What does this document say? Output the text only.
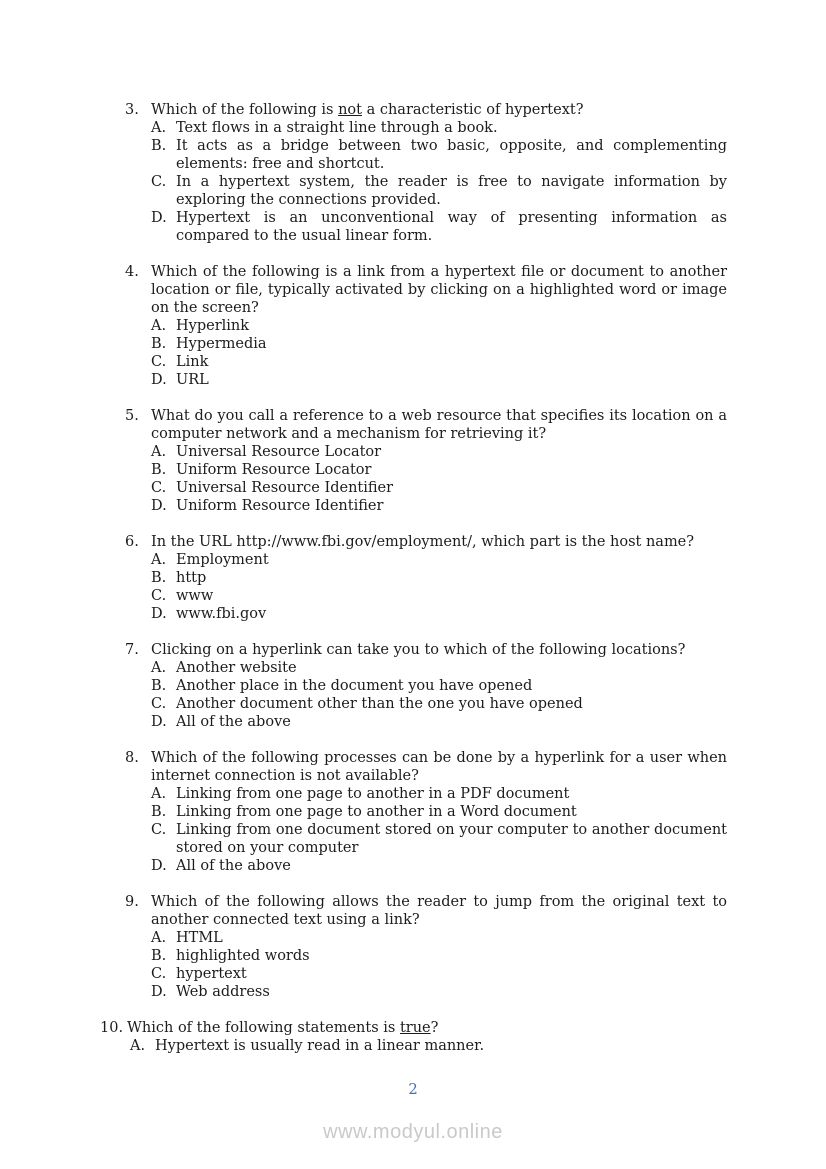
3. Which of the following is not a characteristic of hypertext?
A. Text flows in a straight line through a book.
B. It acts as a bridge between two basic, opposite, and complementing elements: free and shortcut.
C. In a hypertext system, the reader is free to navigate information by exploring the connections provided.
D. Hypertext is an unconventional way of presenting information as compared to the usual linear form.
4. Which of the following is a link from a hypertext file or document to another location or file, typically activated by clicking on a highlighted word or image on the screen?
A. Hyperlink
B. Hypermedia
C. Link
D. URL
5. What do you call a reference to a web resource that specifies its location on a computer network and a mechanism for retrieving it?
A. Universal Resource Locator
B. Uniform Resource Locator
C. Universal Resource Identifier
D. Uniform Resource Identifier
6. In the URL http://www.fbi.gov/employment/, which part is the host name?
A. Employment
B. http
C. www
D. www.fbi.gov
7. Clicking on a hyperlink can take you to which of the following locations?
A. Another website
B. Another place in the document you have opened
C. Another document other than the one you have opened
D. All of the above
8. Which of the following processes can be done by a hyperlink for a user when internet connection is not available?
A. Linking from one page to another in a PDF document
B. Linking from one page to another in a Word document
C. Linking from one document stored on your computer to another document stored on your computer
D. All of the above
9. Which of the following allows the reader to jump from the original text to another connected text using a link?
A. HTML
B. highlighted words
C. hypertext
D. Web address
10. Which of the following statements is true?
A. Hypertext is usually read in a linear manner.
2
www.modyul.online
